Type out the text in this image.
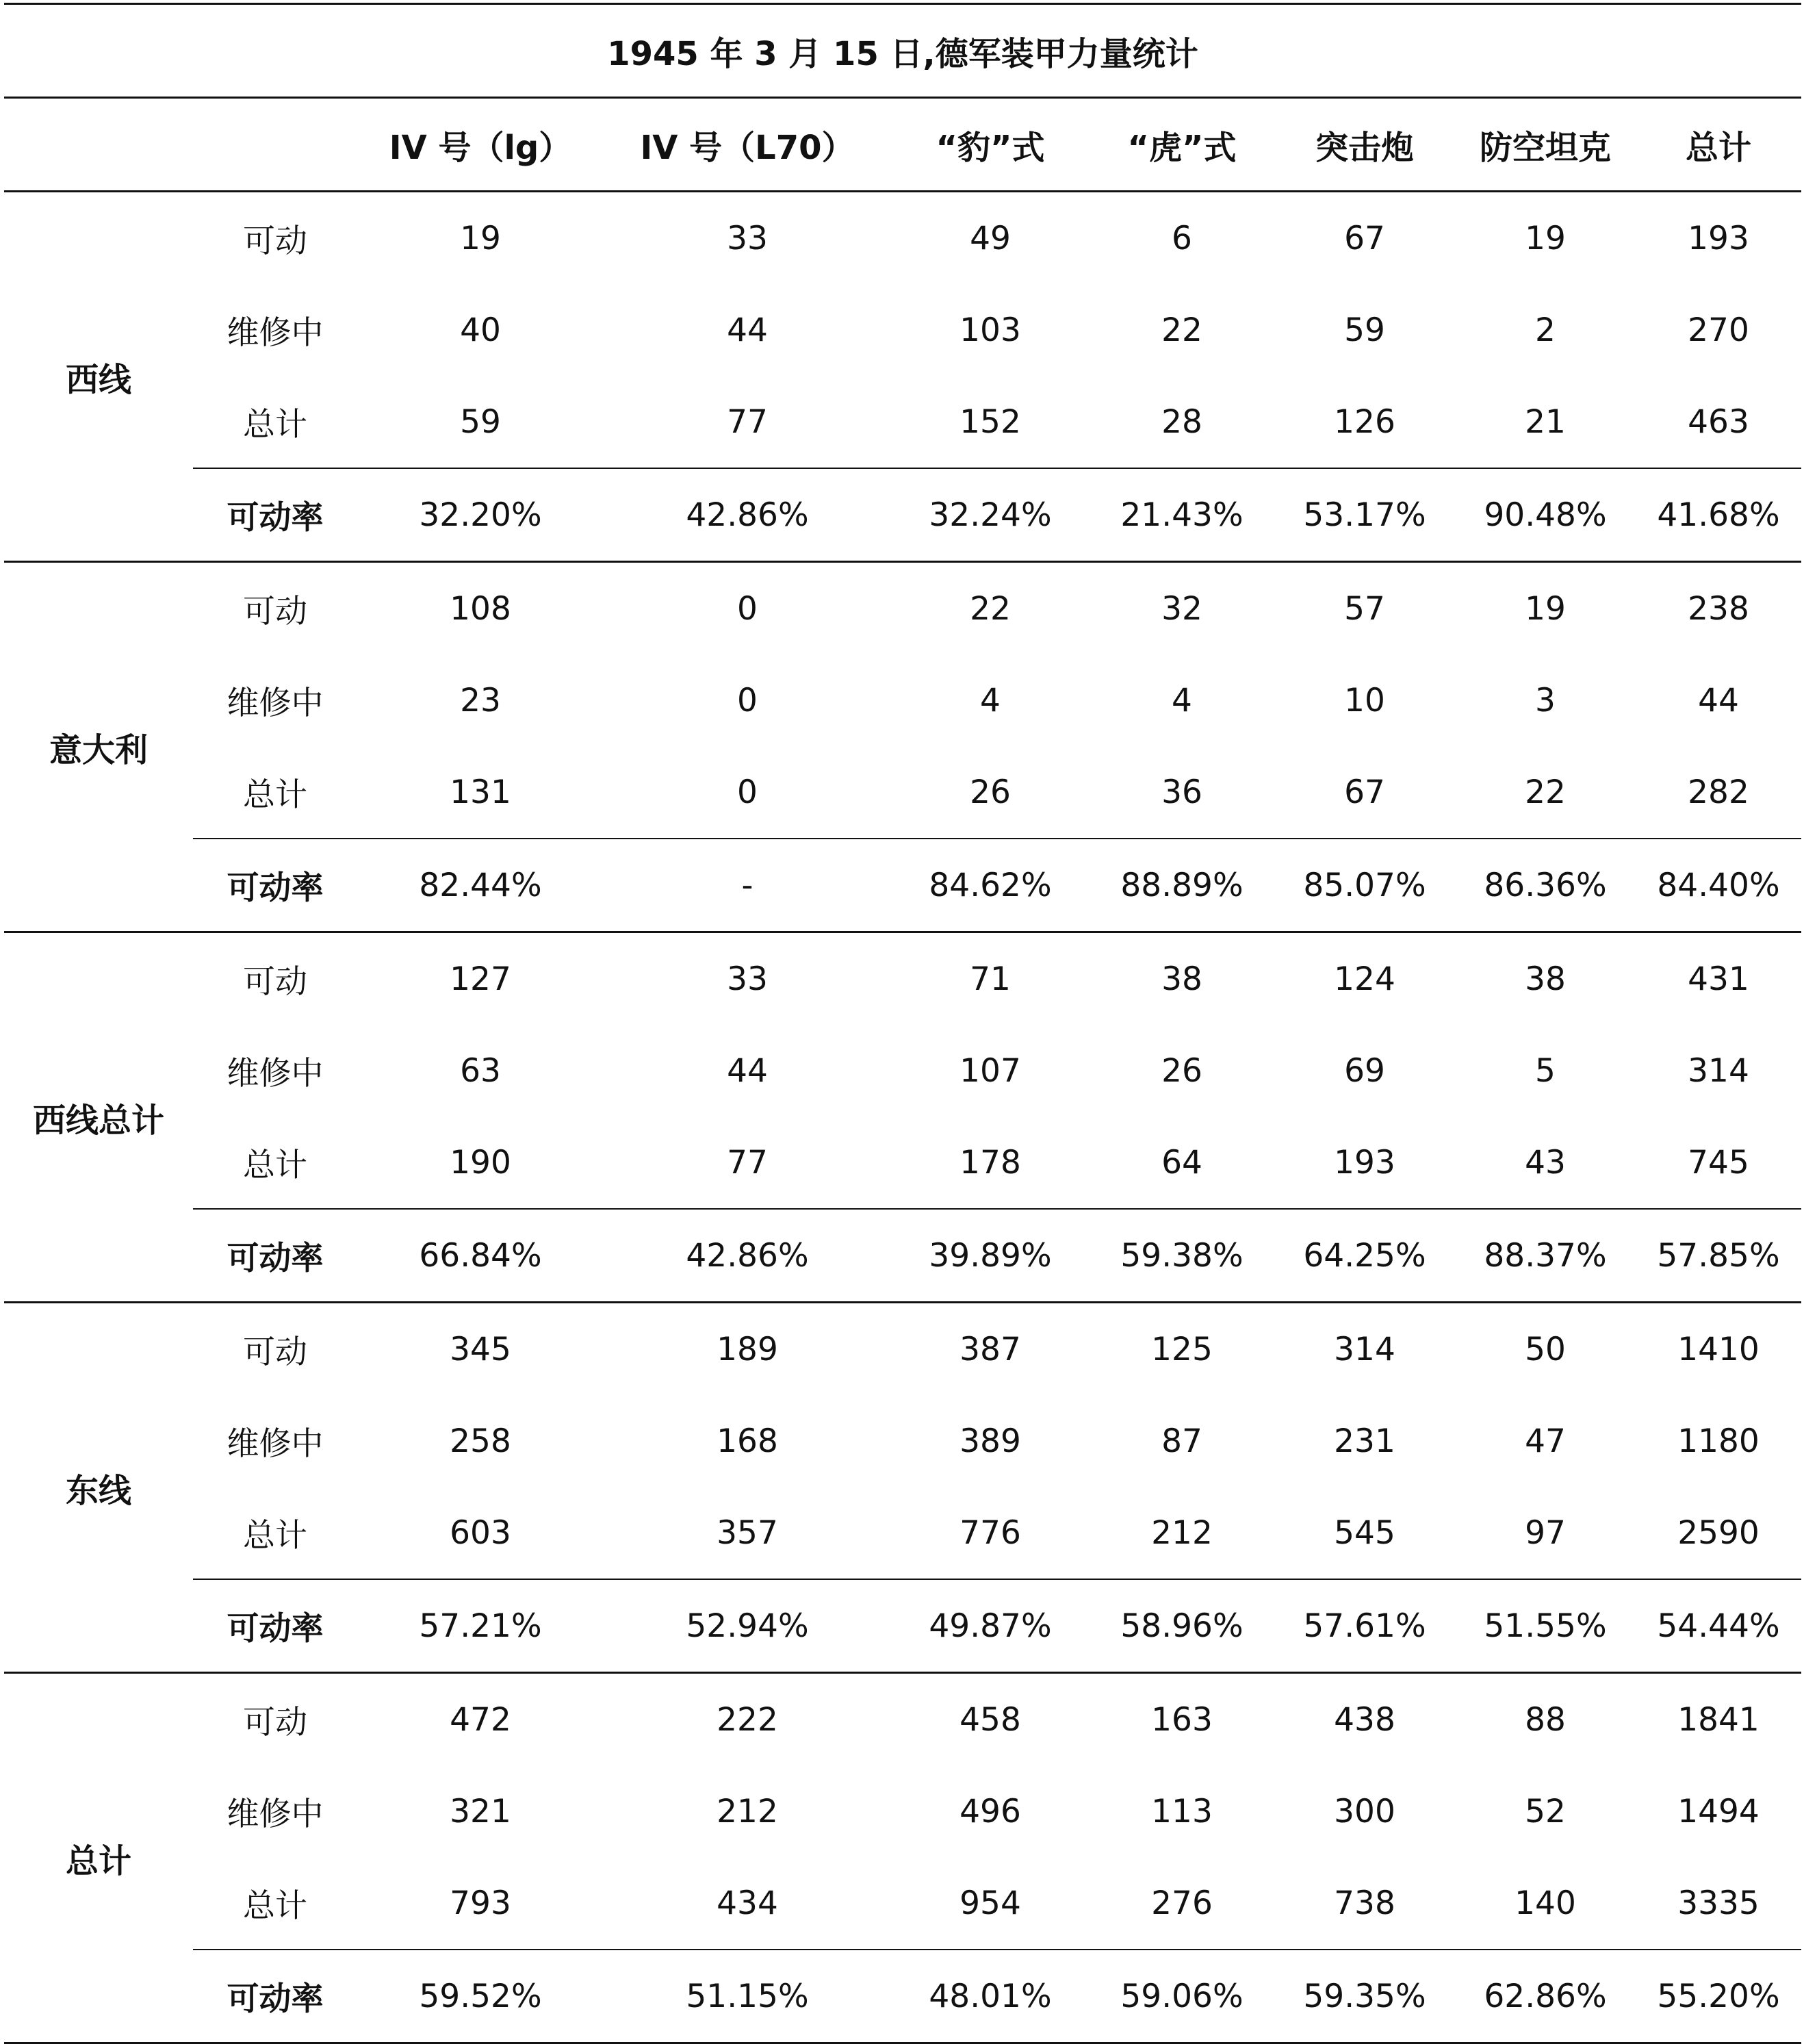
1945 年 3 月 15 日,德军装甲力量统计								
		IV 号（lg）	IV 号（L70）	“豹”式	“虎”式	突击炮	防空坦克	总计
西线	可动	19	33	49	6	67	19	193
	维修中	40	44	103	22	59	2	270
	总计	59	77	152	28	126	21	463
	可动率	32.20%	42.86%	32.24%	21.43%	53.17%	90.48%	41.68%
意大利	可动	108	0	22	32	57	19	238
	维修中	23	0	4	4	10	3	44
	总计	131	0	26	36	67	22	282
	可动率	82.44%	-	84.62%	88.89%	85.07%	86.36%	84.40%
西线总计	可动	127	33	71	38	124	38	431
	维修中	63	44	107	26	69	5	314
	总计	190	77	178	64	193	43	745
	可动率	66.84%	42.86%	39.89%	59.38%	64.25%	88.37%	57.85%
东线	可动	345	189	387	125	314	50	1410
	维修中	258	168	389	87	231	47	1180
	总计	603	357	776	212	545	97	2590
	可动率	57.21%	52.94%	49.87%	58.96%	57.61%	51.55%	54.44%
总计	可动	472	222	458	163	438	88	1841
	维修中	321	212	496	113	300	52	1494
	总计	793	434	954	276	738	140	3335
	可动率	59.52%	51.15%	48.01%	59.06%	59.35%	62.86%	55.20%
